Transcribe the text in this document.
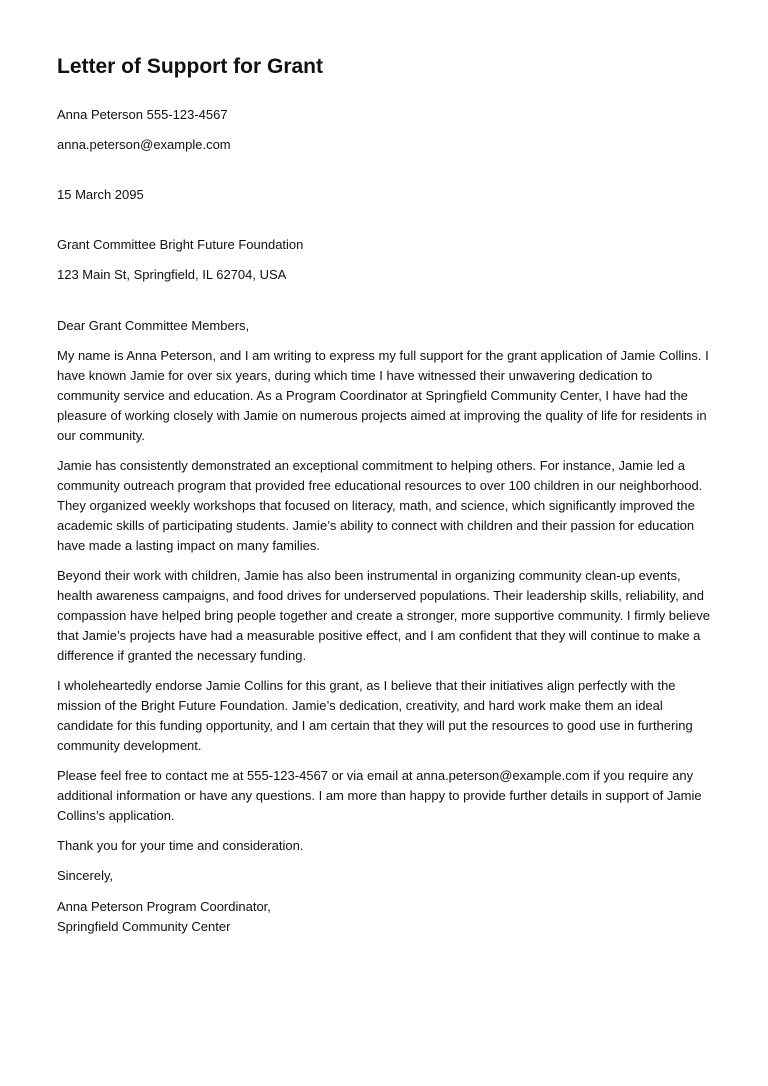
Letter of Support for Grant

Anna Peterson 555-123-4567

anna.peterson@example.com

15 March 2095

Grant Committee Bright Future Foundation

123 Main St, Springfield, IL 62704, USA

Dear Grant Committee Members,

My name is Anna Peterson, and I am writing to express my full support for the grant application of Jamie Collins. I have known Jamie for over six years, during which time I have witnessed their unwavering dedication to community service and education. As a Program Coordinator at Springfield Community Center, I have had the pleasure of working closely with Jamie on numerous projects aimed at improving the quality of life for residents in our community.

Jamie has consistently demonstrated an exceptional commitment to helping others. For instance, Jamie led a community outreach program that provided free educational resources to over 100 children in our neighborhood. They organized weekly workshops that focused on literacy, math, and science, which significantly improved the academic skills of participating students. Jamie’s ability to connect with children and their passion for education have made a lasting impact on many families.

Beyond their work with children, Jamie has also been instrumental in organizing community clean-up events, health awareness campaigns, and food drives for underserved populations. Their leadership skills, reliability, and compassion have helped bring people together and create a stronger, more supportive community. I firmly believe that Jamie’s projects have had a measurable positive effect, and I am confident that they will continue to make a difference if granted the necessary funding.

I wholeheartedly endorse Jamie Collins for this grant, as I believe that their initiatives align perfectly with the mission of the Bright Future Foundation. Jamie’s dedication, creativity, and hard work make them an ideal candidate for this funding opportunity, and I am certain that they will put the resources to good use in furthering community development.

Please feel free to contact me at 555-123-4567 or via email at anna.peterson@example.com if you require any additional information or have any questions. I am more than happy to provide further details in support of Jamie Collins’s application.

Thank you for your time and consideration.

Sincerely,

Anna Peterson Program Coordinator,

Springfield Community Center
